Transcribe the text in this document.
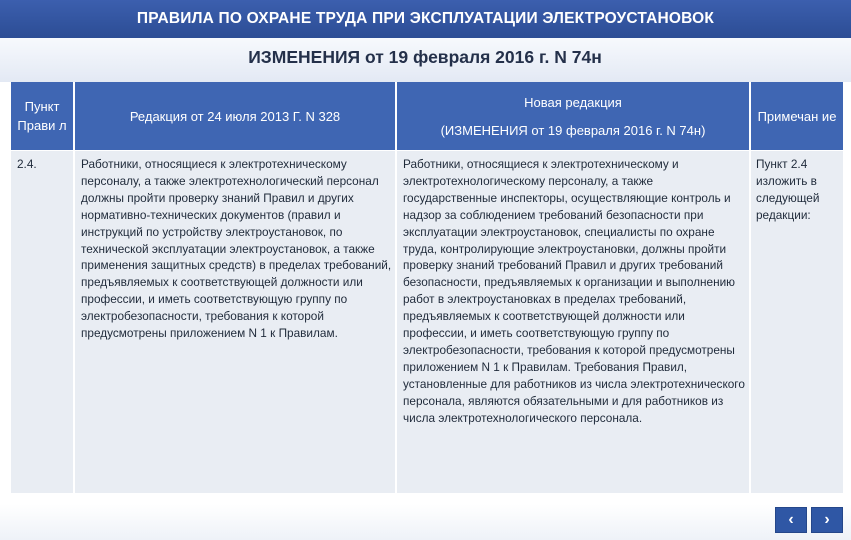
ПРАВИЛА ПО ОХРАНЕ ТРУДА ПРИ ЭКСПЛУАТАЦИИ ЭЛЕКТРОУСТАНОВОК
ИЗМЕНЕНИЯ от 19 февраля 2016 г. N 74н
Пункт Прави л
Редакция от 24 июля 2013 Г. N 328
Новая редакция
(ИЗМЕНЕНИЯ от 19 февраля 2016 г. N 74н)
Примечан ие
2.4.	Работники, относящиеся к электротехническому персоналу, а также электротехнологический персонал должны пройти проверку знаний Правил и других нормативно-технических документов (правил и инструкций по устройству электроустановок, по технической эксплуатации электроустановок, а также применения защитных средств) в пределах требований, предъявляемых к соответствующей должности или профессии, и иметь соответствующую группу по электробезопасности, требования к которой предусмотрены приложением N 1 к Правилам.
Работники, относящиеся к электротехническому и электротехнологическому персоналу, а также государственные инспекторы, осуществляющие контроль и надзор за соблюдением требований безопасности при эксплуатации электроустановок, специалисты по охране труда, контролирующие электроустановки, должны пройти проверку знаний требований Правил и других требований безопасности, предъявляемых к организации и выполнению работ в электроустановках в пределах требований, предъявляемых к соответствующей должности или профессии, и иметь соответствующую группу по электробезопасности, требования к которой предусмотрены приложением N 1 к Правилам. Требования Правил, установленные для работников из числа электротехнического персонала, являются обязательными и для работников из числа электротехнологического персонала.
Пункт 2.4 изложить в следующей редакции:
‹ ›
